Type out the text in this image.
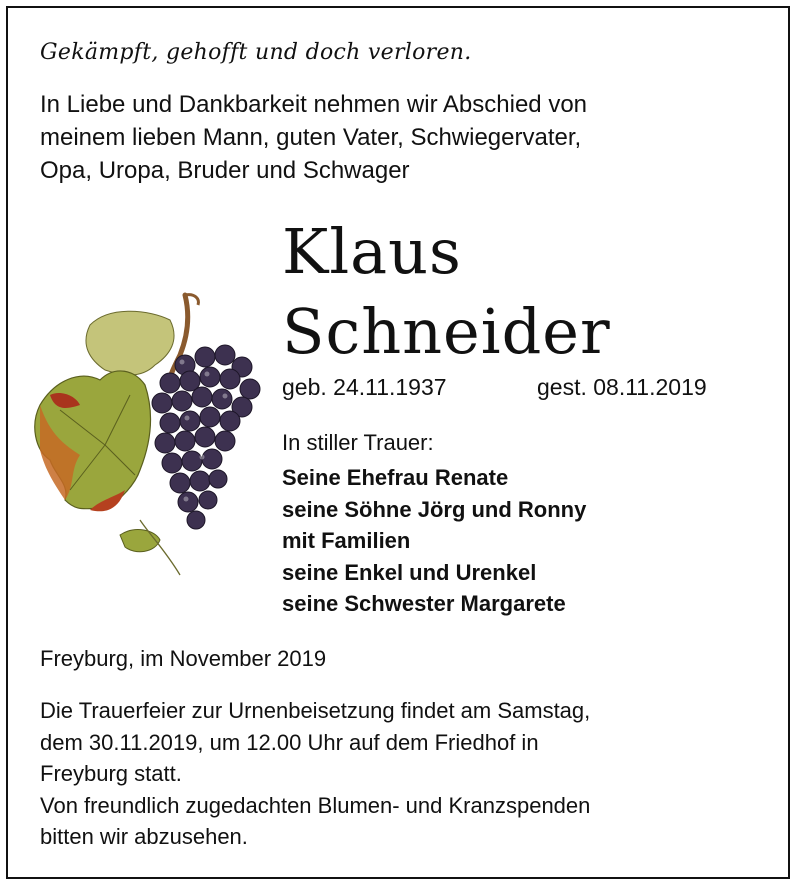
Gekämpft, gehofft und doch verloren.
In Liebe und Dankbarkeit nehmen wir Abschied von
meinem lieben Mann, guten Vater, Schwiegervater,
Opa, Uropa, Bruder und Schwager
Klaus
Schneider
geb. 24.11.1937	gest. 08.11.2019
In stiller Trauer:
Seine Ehefrau Renate
seine Söhne Jörg und Ronny
mit Familien
seine Enkel und Urenkel
seine Schwester Margarete
Freyburg, im November 2019
Die Trauerfeier zur Urnenbeisetzung findet am Samstag,
dem 30.11.2019, um 12.00 Uhr auf dem Friedhof in
Freyburg statt.
Von freundlich zugedachten Blumen- und Kranzspenden
bitten wir abzusehen.
